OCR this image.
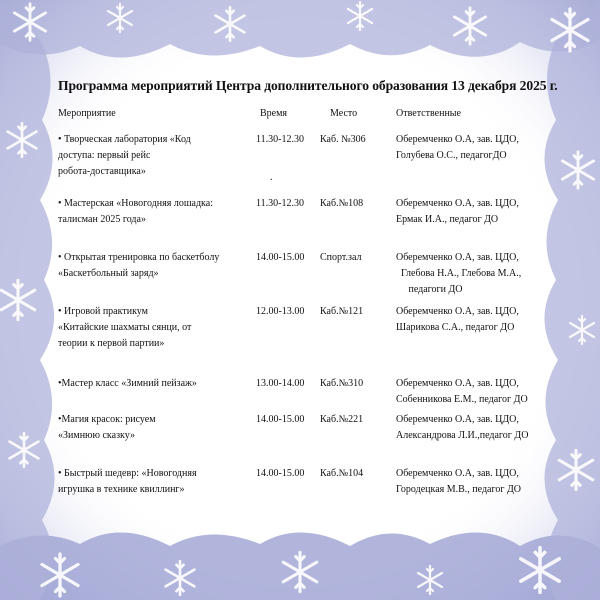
Программа мероприятий Центра дополнительного образования 13 декабря 2025 г.
Мероприятие	Время	Место	Ответственные
• Творческая лаборатория «Код
доступа: первый рейс
робота-доставщика»
11.30-12.30 Каб. №306	Оберемченко О.А, зав. ЦДО,
Голубева О.С., педагогДО
• Мастерская «Новогодняя лошадка:
талисман 2025 года»
11.30-12.30 Каб.№108	Оберемченко О.А, зав. ЦДО,
Ермак И.А., педагог ДО
• Открытая тренировка по баскетболу
«Баскетбольный заряд»
14.00-15.00 Спорт.зал	Оберемченко О.А, зав. ЦДО,
Глебова Н.А., Глебова М.А.,
педагоги ДО
• Игровой практикум
«Китайские шахматы сянци, от
теории к первой партии»
12.00-13.00 Каб.№121	Оберемченко О.А, зав. ЦДО,
Шарикова С.А., педагог ДО
•Мастер класс «Зимний пейзаж»	13.00-14.00 Каб.№310	Оберемченко О.А, зав. ЦДО,
Собенникова Е.М., педагог ДО
•Магия красок: рисуем
«Зимнюю сказку»
14.00-15.00 Каб.№221	Оберемченко О.А, зав. ЦДО,
Александрова Л.И.,педагог ДО
• Быстрый шедевр: «Новогодняя
игрушка в технике квиллинг»
14.00-15.00 Каб.№104	Оберемченко О.А, зав. ЦДО,
Городецкая М.В., педагог ДО
.
